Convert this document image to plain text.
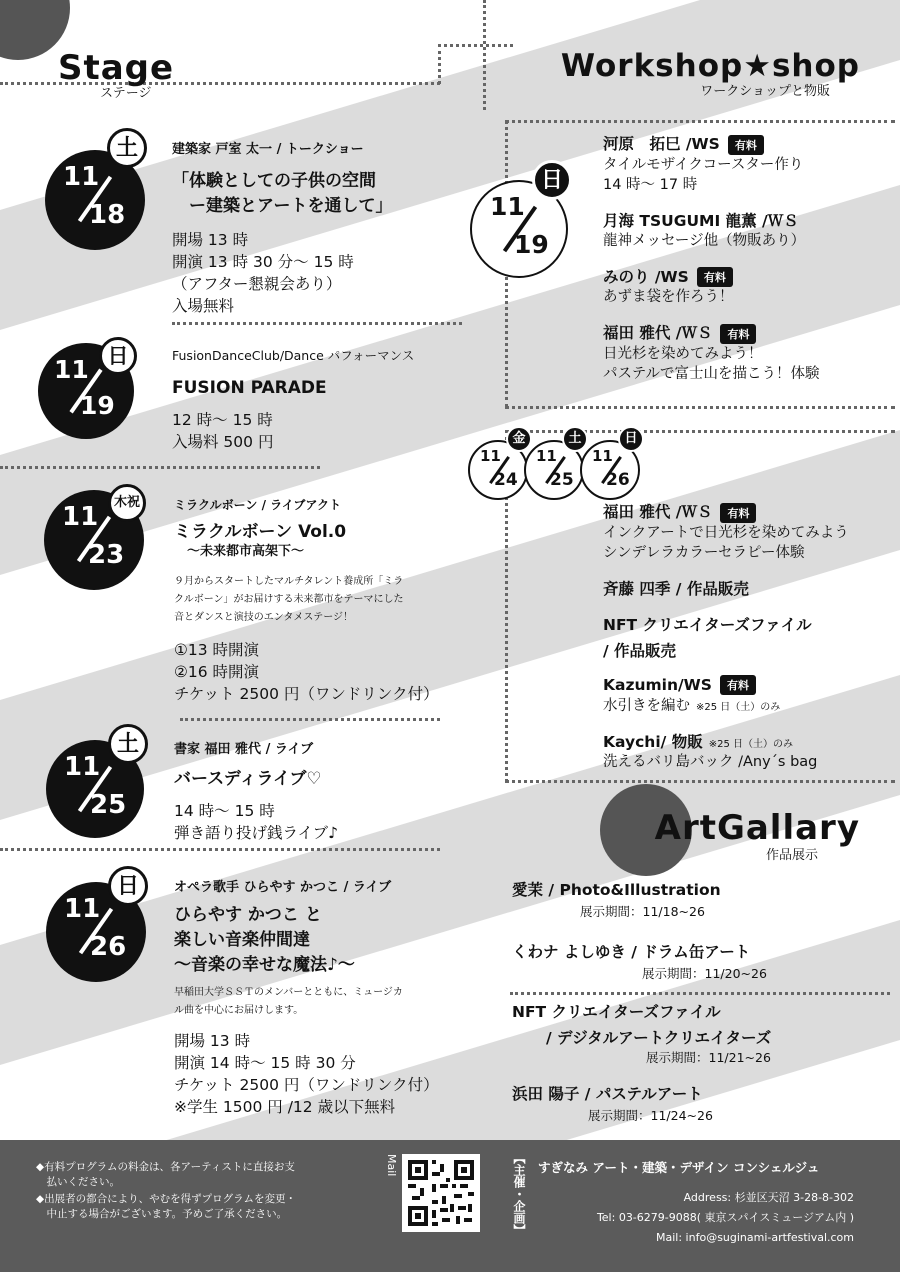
Stage
ステージ
11
18
土	建築家 戸室 太一 / トークショー
「体験としての子供の空間
　ー建築とアートを通して」
開場 13 時
開演 13 時 30 分〜 15 時
（アフター懇親会あり）
入場無料
11
19
日	FusionDanceClub/Dance パフォーマンス
FUSION PARADE
12 時〜 15 時
入場料 500 円
11
23
木祝	ミラクルボーン / ライブアクト
ミラクルボーン Vol.0
　～未来都市高架下～
９月からスタートしたマルチタレント養成所「ミラ
クルボーン」がお届けする未来都市をテーマにした
音とダンスと演技のエンタメステージ！
①13 時開演
②16 時開演
チケット 2500 円（ワンドリンク付）
11
25
土	書家 福田 雅代 / ライブ
バースディライブ♡
14 時〜 15 時
弾き語り投げ銭ライブ♪
11
26
日	オペラ歌手 ひらやす かつこ / ライブ
ひらやす かつこ と
楽しい音楽仲間達
～音楽の幸せな魔法♪～
早稲田大学ＳＳＴのメンバーとともに、ミュージカ
ル曲を中心にお届けします。
開場 13 時
開演 14 時〜 15 時 30 分
チケット 2500 円（ワンドリンク付）
※学生 1500 円 /12 歳以下無料
Workshop★shop
ワークショップと物販
11
19
日
河原　拓巳 /WS 有料
タイルモザイクコースター作り
14 時〜 17 時
月海 TSUGUMI 龍薫 /ＷＳ
龍神メッセージ他（物販あり）
みのり /WS 有料
あずま袋を作ろう！
福田 雅代 /ＷＳ 有料
日光杉を染めてみよう！
パステルで富士山を描こう！体験
11
24
金
11
25
土
11
26
日
福田 雅代 /ＷＳ 有料
インクアートで日光杉を染めてみよう
シンデレラカラーセラピー体験
斉藤 四季 / 作品販売
NFT クリエイターズファイル
/ 作品販売
Kazumin/WS 有料
水引きを編む ※25 日（土）のみ
Kaychi/ 物販 ※25 日（土）のみ
洗えるバリ島バック /Any´s bag
ArtGallary
作品展示
愛茉 / Photo&Illustration
展示期間：11/18~26
くわナ よしゆき / ドラム缶アート
展示期間：11/20~26
NFT クリエイターズファイル
/ デジタルアートクリエイターズ
展示期間：11/21~26
浜田 陽子 / パステルアート
展示期間：11/24~26
◆有料プログラムの料金は、各アーティストに直接お支
　払いください。
◆出展者の都合により、やむを得ずプログラムを変更・
　中止する場合がございます。予めご了承ください。
Mail	【主催・企画】 すぎなみ アート・建築・デザイン コンシェルジュ
Address: 杉並区天沼 3-28-8-302
Tel: 03-6279-9088( 東京スパイスミュージアム内 )
Mail: info@suginami-artfestival.com
